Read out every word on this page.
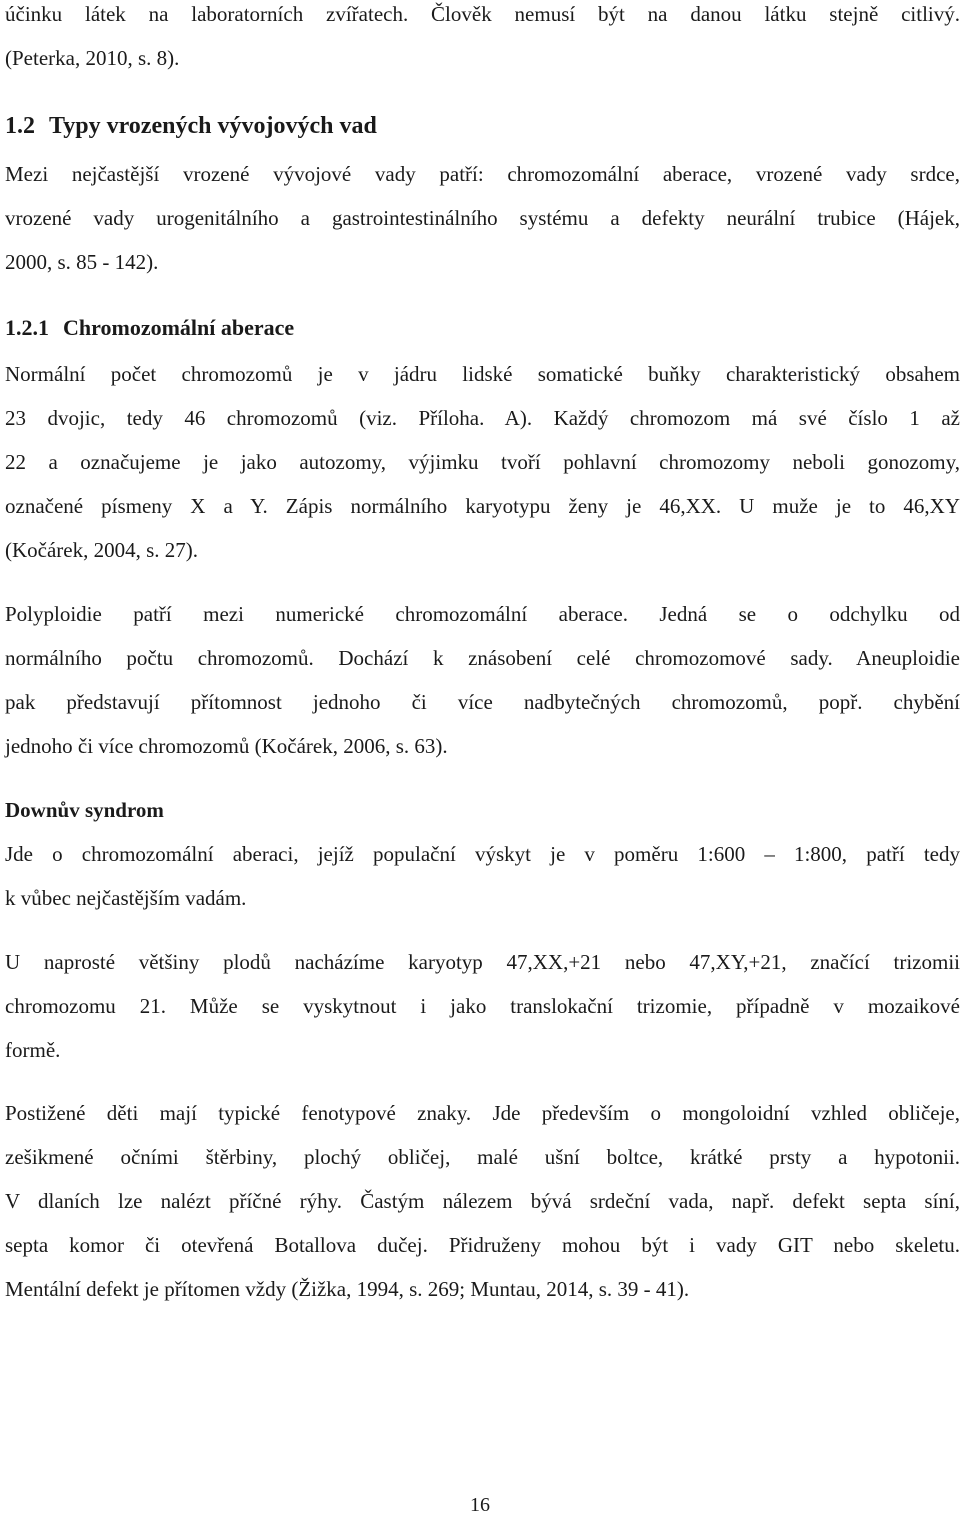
účinku látek na laboratorních zvířatech. Člověk nemusí být na danou látku stejně citlivý.

(Peterka, 2010, s. 8).

1.2 Typy vrozených vývojových vad

Mezi nejčastější vrozené vývojové vady patří: chromozomální aberace, vrozené vady srdce,

vrozené vady urogenitálního a gastrointestinálního systému a defekty neurální trubice (Hájek,

2000, s. 85 - 142).

1.2.1 Chromozomální aberace

Normální počet chromozomů je v jádru lidské somatické buňky charakteristický obsahem

23 dvojic, tedy 46 chromozomů (viz. Příloha. A). Každý chromozom má své číslo 1 až

22 a označujeme je jako autozomy, výjimku tvoří pohlavní chromozomy neboli gonozomy,

označené písmeny X a Y. Zápis normálního karyotypu ženy je 46,XX. U muže je to 46,XY

(Kočárek, 2004, s. 27).

Polyploidie patří mezi numerické chromozomální aberace. Jedná se o odchylku od

normálního počtu chromozomů. Dochází k znásobení celé chromozomové sady. Aneuploidie

pak představují přítomnost jednoho či více nadbytečných chromozomů, popř. chybění

jednoho či více chromozomů (Kočárek, 2006, s. 63).

Downův syndrom

Jde o chromozomální aberaci, jejíž populační výskyt je v poměru 1:600 – 1:800, patří tedy

k vůbec nejčastějším vadám.

U naprosté většiny plodů nacházíme karyotyp 47,XX,+21 nebo 47,XY,+21, značící trizomii

chromozomu 21. Může se vyskytnout i jako translokační trizomie, případně v mozaikové

formě.

Postižené děti mají typické fenotypové znaky. Jde především o mongoloidní vzhled obličeje,

zešikmené očními štěrbiny, plochý obličej, malé ušní boltce, krátké prsty a hypotonii.

V dlaních lze nalézt příčné rýhy. Častým nálezem bývá srdeční vada, např. defekt septa síní,

septa komor či otevřená Botallova dučej. Přidruženy mohou být i vady GIT nebo skeletu.

Mentální defekt je přítomen vždy (Žižka, 1994, s. 269; Muntau, 2014, s. 39 - 41).

16
